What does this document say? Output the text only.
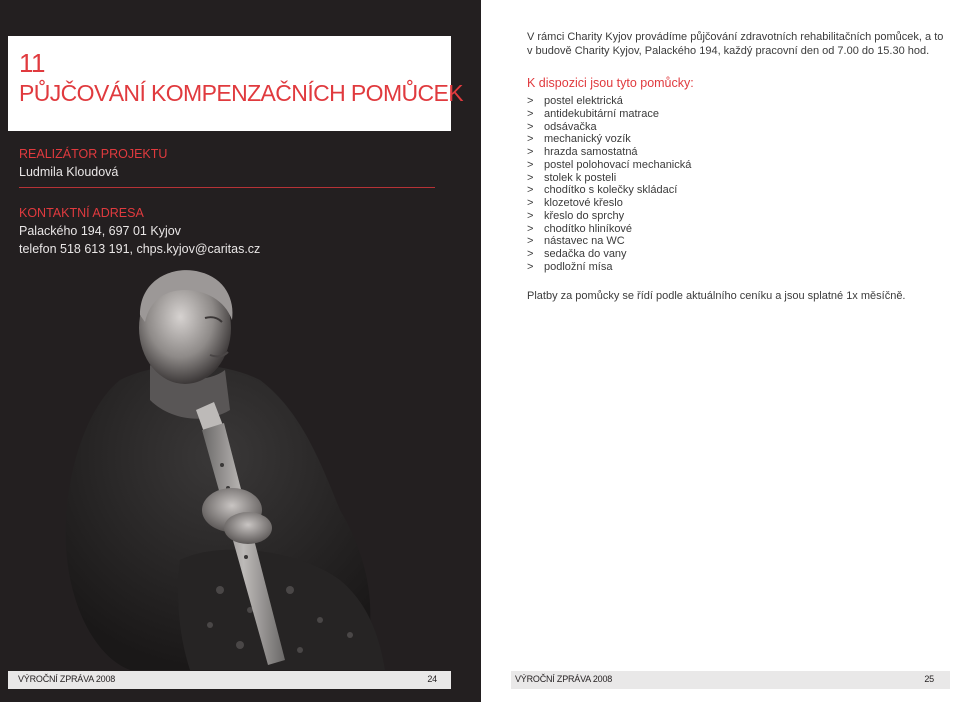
11
PŮJČOVÁNÍ KOMPENZAČNÍCH POMŮCEK
REALIZÁTOR PROJEKTU
Ludmila Kloudová
KONTAKTNÍ ADRESA
Palackého 194, 697 01 Kyjov
telefon 518 613 191, chps.kyjov@caritas.cz
VÝROČNÍ ZPRÁVA 2008	24
V rámci Charity Kyjov provádíme půjčování zdravotních rehabilitačních pomůcek, a to v budově Charity Kyjov, Palackého 194, každý pracovní den od 7.00 do 15.30 hod.
K dispozici jsou tyto pomůcky:
> postel elektrická
> antidekubitární matrace
> odsávačka
> mechanický vozík
> hrazda samostatná
> postel polohovací mechanická
> stolek k posteli
> chodítko s kolečky skládací
> klozetové křeslo
> křeslo do sprchy
> chodítko hliníkové
> nástavec na WC
> sedačka do vany
> podložní mísa
Platby za pomůcky se řídí podle aktuálního ceníku a jsou splatné 1x měsíčně.
VÝROČNÍ ZPRÁVA 2008	25
